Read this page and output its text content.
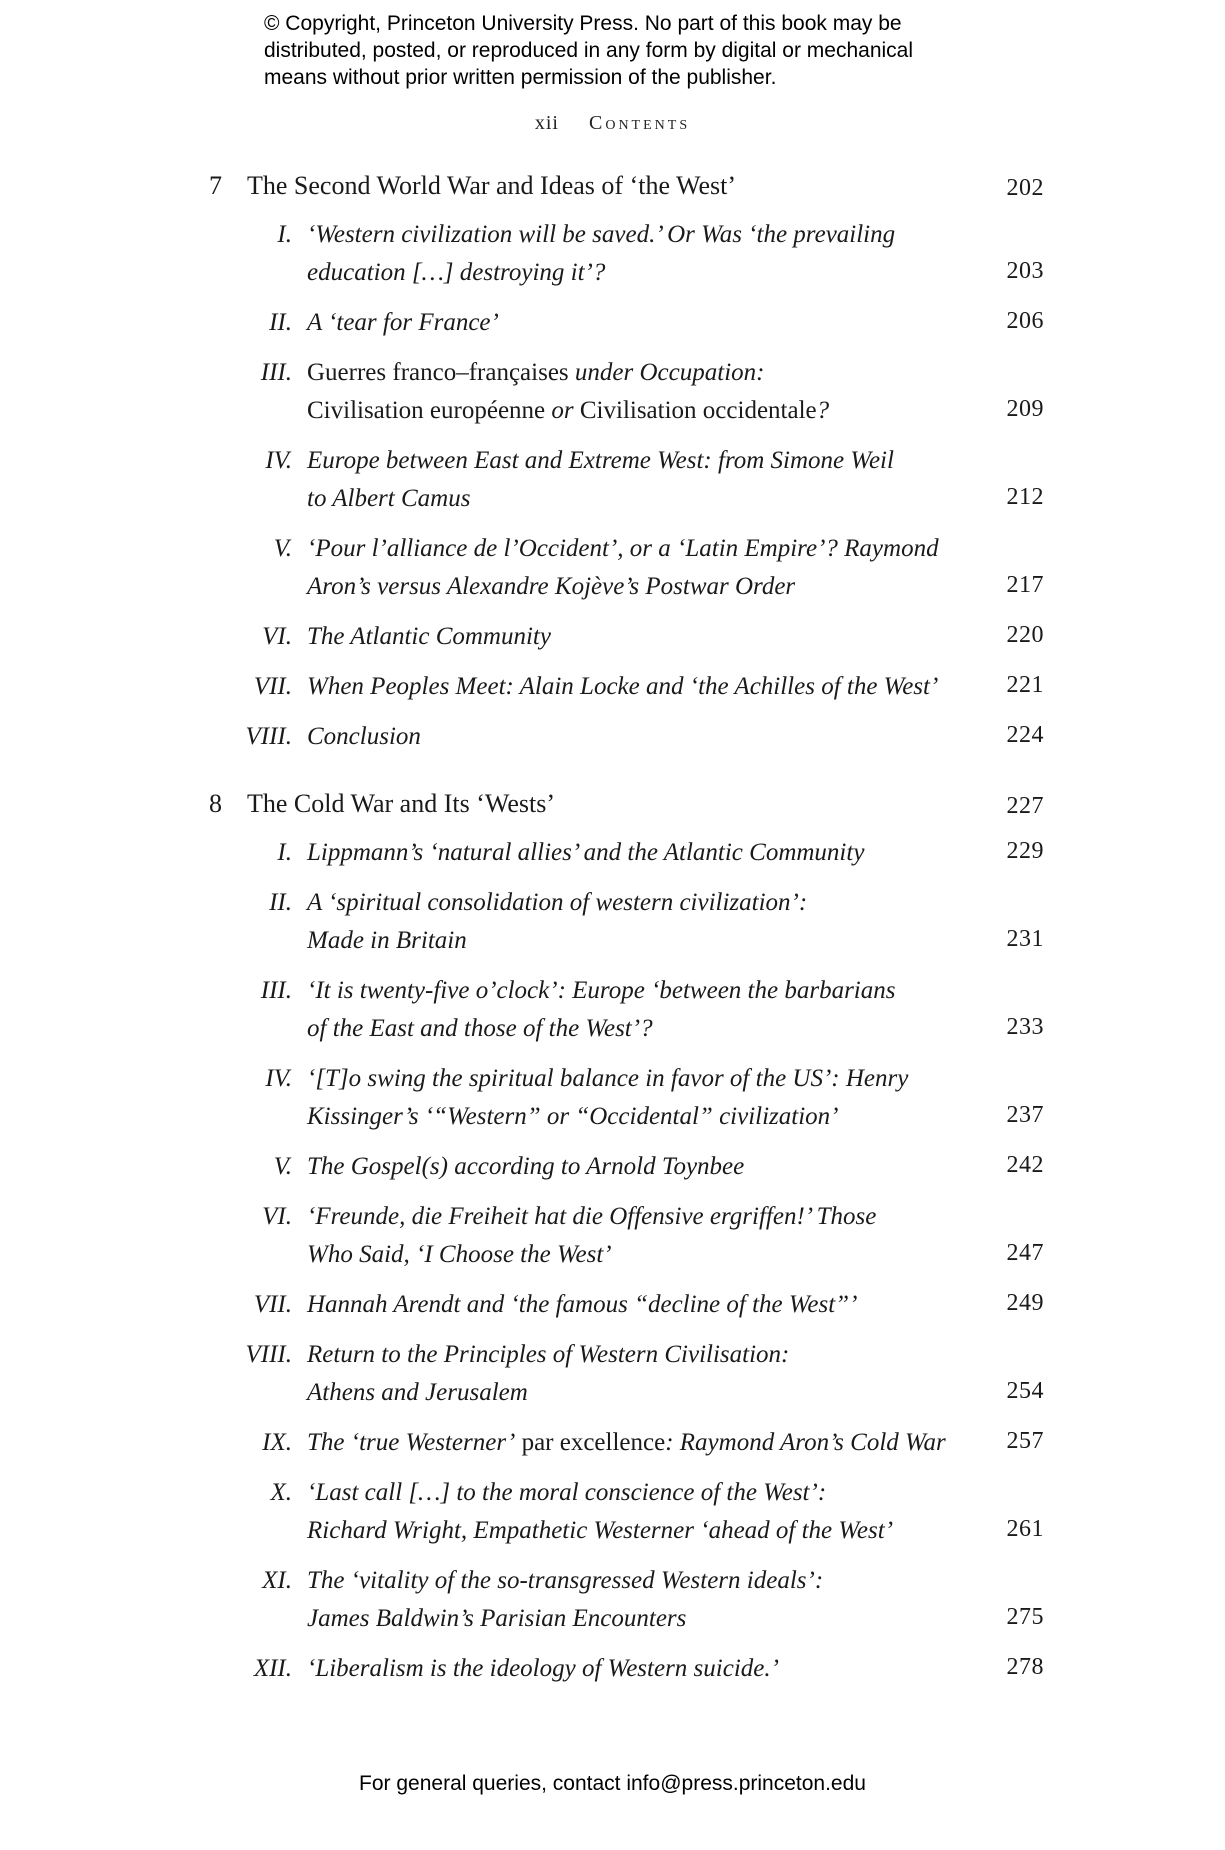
© Copyright, Princeton University Press. No part of this book may be
distributed, posted, or reproduced in any form by digital or mechanical
means without prior written permission of the publisher.
xii Contents
7 The Second World War and Ideas of ‘the West’	202
I. ‘Western civilization will be saved.’ Or Was ‘the prevailing
education […] destroying it’?	203
II. A ‘tear for France’	206
III. Guerres franco–françaises under Occupation:
Civilisation européenne or Civilisation occidentale?	209
IV. Europe between East and Extreme West: from Simone Weil
to Albert Camus	212
V. ‘Pour l’alliance de l’Occident’, or a ‘Latin Empire’? Raymond
Aron’s versus Alexandre Kojève’s Postwar Order	217
VI. The Atlantic Community	220
VII. When Peoples Meet: Alain Locke and ‘the Achilles of the West’	221
VIII. Conclusion	224
8 The Cold War and Its ‘Wests’	227
I. Lippmann’s ‘natural allies’ and the Atlantic Community	229
II. A ‘spiritual consolidation of western civilization’:
Made in Britain	231
III. ‘It is twenty-five o’clock’: Europe ‘between the barbarians
of the East and those of the West’?	233
IV. ‘[T]o swing the spiritual balance in favor of the US’: Henry
Kissinger’s ‘“Western” or “Occidental” civilization’	237
V. The Gospel(s) according to Arnold Toynbee	242
VI. ‘Freunde, die Freiheit hat die Offensive ergriffen!’ Those
Who Said, ‘I Choose the West’	247
VII. Hannah Arendt and ‘the famous “decline of the West”’	249
VIII. Return to the Principles of Western Civilisation:
Athens and Jerusalem	254
IX. The ‘true Westerner’ par excellence: Raymond Aron’s Cold War	257
X. ‘Last call […] to the moral conscience of the West’:
Richard Wright, Empathetic Westerner ‘ahead of the West’	261
XI. The ‘vitality of the so-transgressed Western ideals’:
James Baldwin’s Parisian Encounters	275
XII. ‘Liberalism is the ideology of Western suicide.’	278
For general queries, contact info@press.princeton.edu
